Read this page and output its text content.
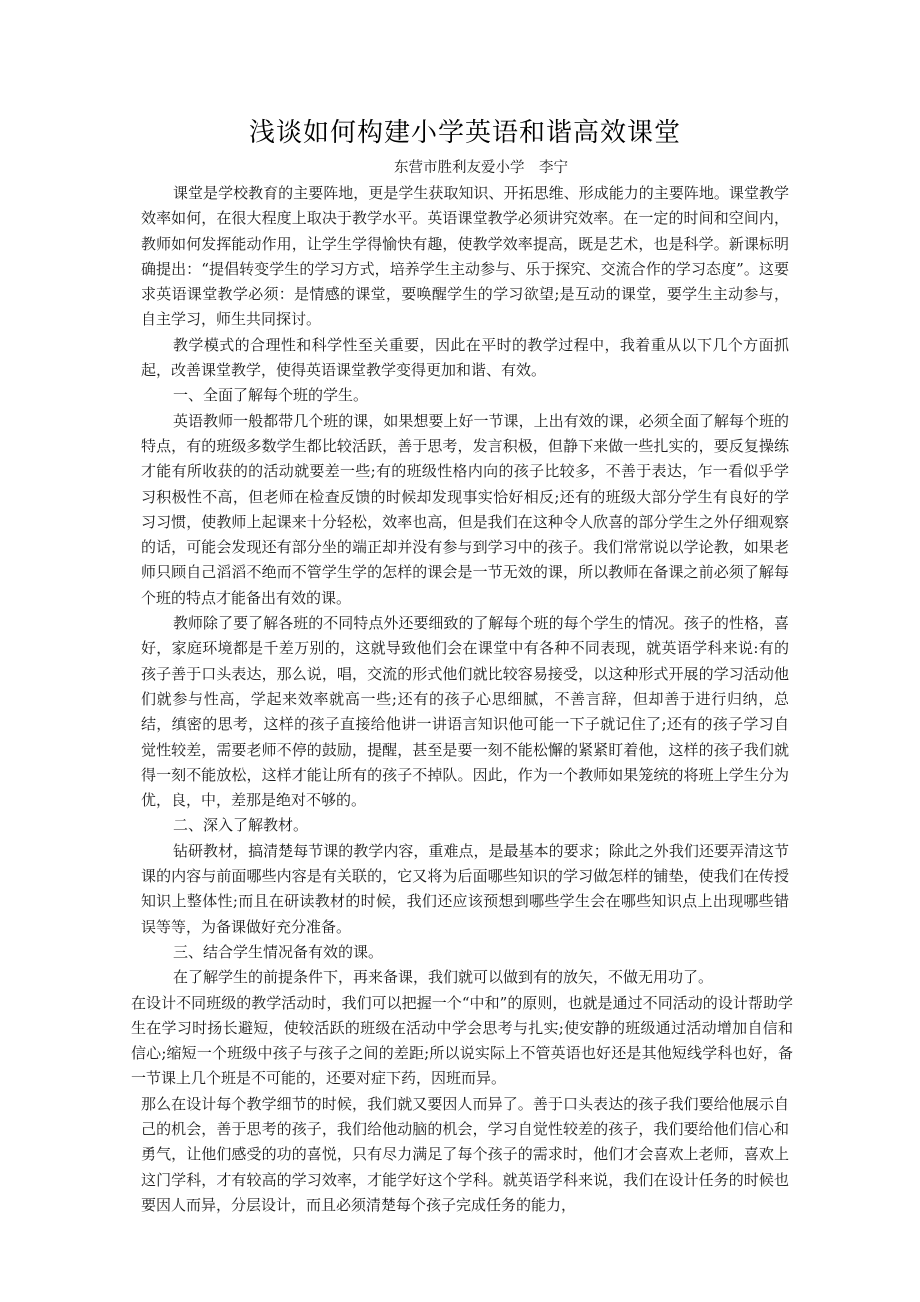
浅谈如何构建小学英语和谐高效课堂

东营市胜利友爱小学　李宁

课堂是学校教育的主要阵地，更是学生获取知识、开拓思维、形成能力的主要阵地。课堂教学效率如何，在很大程度上取决于教学水平。英语课堂教学必须讲究效率。在一定的时间和空间内，教师如何发挥能动作用，让学生学得愉快有趣，使教学效率提高，既是艺术，也是科学。新课标明确提出：“提倡转变学生的学习方式，培养学生主动参与、乐于探究、交流合作的学习态度”。这要求英语课堂教学必须：是情感的课堂，要唤醒学生的学习欲望;是互动的课堂，要学生主动参与，自主学习，师生共同探讨。

教学模式的合理性和科学性至关重要，因此在平时的教学过程中，我着重从以下几个方面抓起，改善课堂教学，使得英语课堂教学变得更加和谐、有效。

一、全面了解每个班的学生。

英语教师一般都带几个班的课，如果想要上好一节课，上出有效的课，必须全面了解每个班的特点，有的班级多数学生都比较活跃，善于思考，发言积极，但静下来做一些扎实的，要反复操练才能有所收获的的活动就要差一些;有的班级性格内向的孩子比较多，不善于表达，乍一看似乎学习积极性不高，但老师在检查反馈的时候却发现事实恰好相反;还有的班级大部分学生有良好的学习习惯，使教师上起课来十分轻松，效率也高，但是我们在这种令人欣喜的部分学生之外仔细观察的话，可能会发现还有部分坐的端正却并没有参与到学习中的孩子。我们常常说以学论教，如果老师只顾自己滔滔不绝而不管学生学的怎样的课会是一节无效的课，所以教师在备课之前必须了解每个班的特点才能备出有效的课。

教师除了要了解各班的不同特点外还要细致的了解每个班的每个学生的情况。孩子的性格，喜好，家庭环境都是千差万别的，这就导致他们会在课堂中有各种不同表现，就英语学科来说:有的孩子善于口头表达，那么说，唱，交流的形式他们就比较容易接受，以这种形式开展的学习活动他们就参与性高，学起来效率就高一些;还有的孩子心思细腻，不善言辞，但却善于进行归纳，总结，缜密的思考，这样的孩子直接给他讲一讲语言知识他可能一下子就记住了;还有的孩子学习自觉性较差，需要老师不停的鼓励，提醒，甚至是要一刻不能松懈的紧紧盯着他，这样的孩子我们就得一刻不能放松，这样才能让所有的孩子不掉队。因此，作为一个教师如果笼统的将班上学生分为优，良，中，差那是绝对不够的。

二、深入了解教材。

钻研教材，搞清楚每节课的教学内容，重难点，是最基本的要求；除此之外我们还要弄清这节课的内容与前面哪些内容是有关联的，它又将为后面哪些知识的学习做怎样的铺垫，使我们在传授知识上整体性;而且在研读教材的时候，我们还应该预想到哪些学生会在哪些知识点上出现哪些错误等等，为备课做好充分准备。

三、结合学生情况备有效的课。

在了解学生的前提条件下，再来备课，我们就可以做到有的放矢，不做无用功了。

在设计不同班级的教学活动时，我们可以把握一个“中和”的原则，也就是通过不同活动的设计帮助学生在学习时扬长避短，使较活跃的班级在活动中学会思考与扎实;使安静的班级通过活动增加自信和信心;缩短一个班级中孩子与孩子之间的差距;所以说实际上不管英语也好还是其他短线学科也好，备一节课上几个班是不可能的，还要对症下药，因班而异。

那么在设计每个教学细节的时候，我们就又要因人而异了。善于口头表达的孩子我们要给他展示自己的机会，善于思考的孩子，我们给他动脑的机会，学习自觉性较差的孩子，我们要给他们信心和勇气，让他们感受的功的喜悦，只有尽力满足了每个孩子的需求时，他们才会喜欢上老师，喜欢上这门学科，才有较高的学习效率，才能学好这个学科。就英语学科来说，我们在设计任务的时候也要因人而异，分层设计，而且必须清楚每个孩子完成任务的能力，
